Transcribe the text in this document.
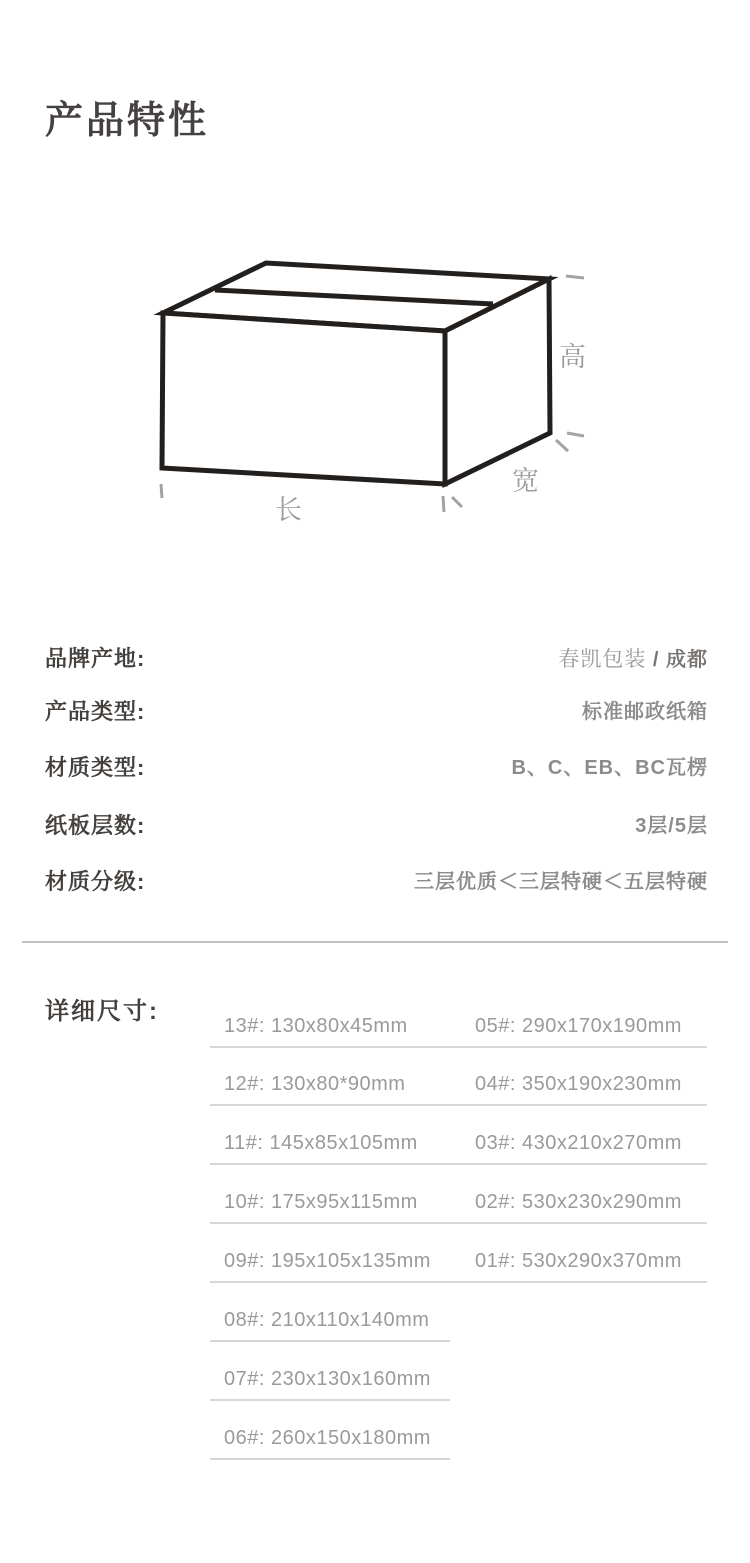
产品特性
高
宽
长
品牌产地:	春凯包装 / 成都
产品类型:	标准邮政纸箱
材质类型:	B、C、EB、BC瓦楞
纸板层数:	3层/5层
材质分级:	三层优质＜三层特硬＜五层特硬
详细尺寸:
13#: 130x80x45mm	05#: 290x170x190mm
12#: 130x80*90mm	04#: 350x190x230mm
11#: 145x85x105mm	03#: 430x210x270mm
10#: 175x95x115mm	02#: 530x230x290mm
09#: 195x105x135mm 01#: 530x290x370mm
08#: 210x110x140mm
07#: 230x130x160mm
06#: 260x150x180mm
